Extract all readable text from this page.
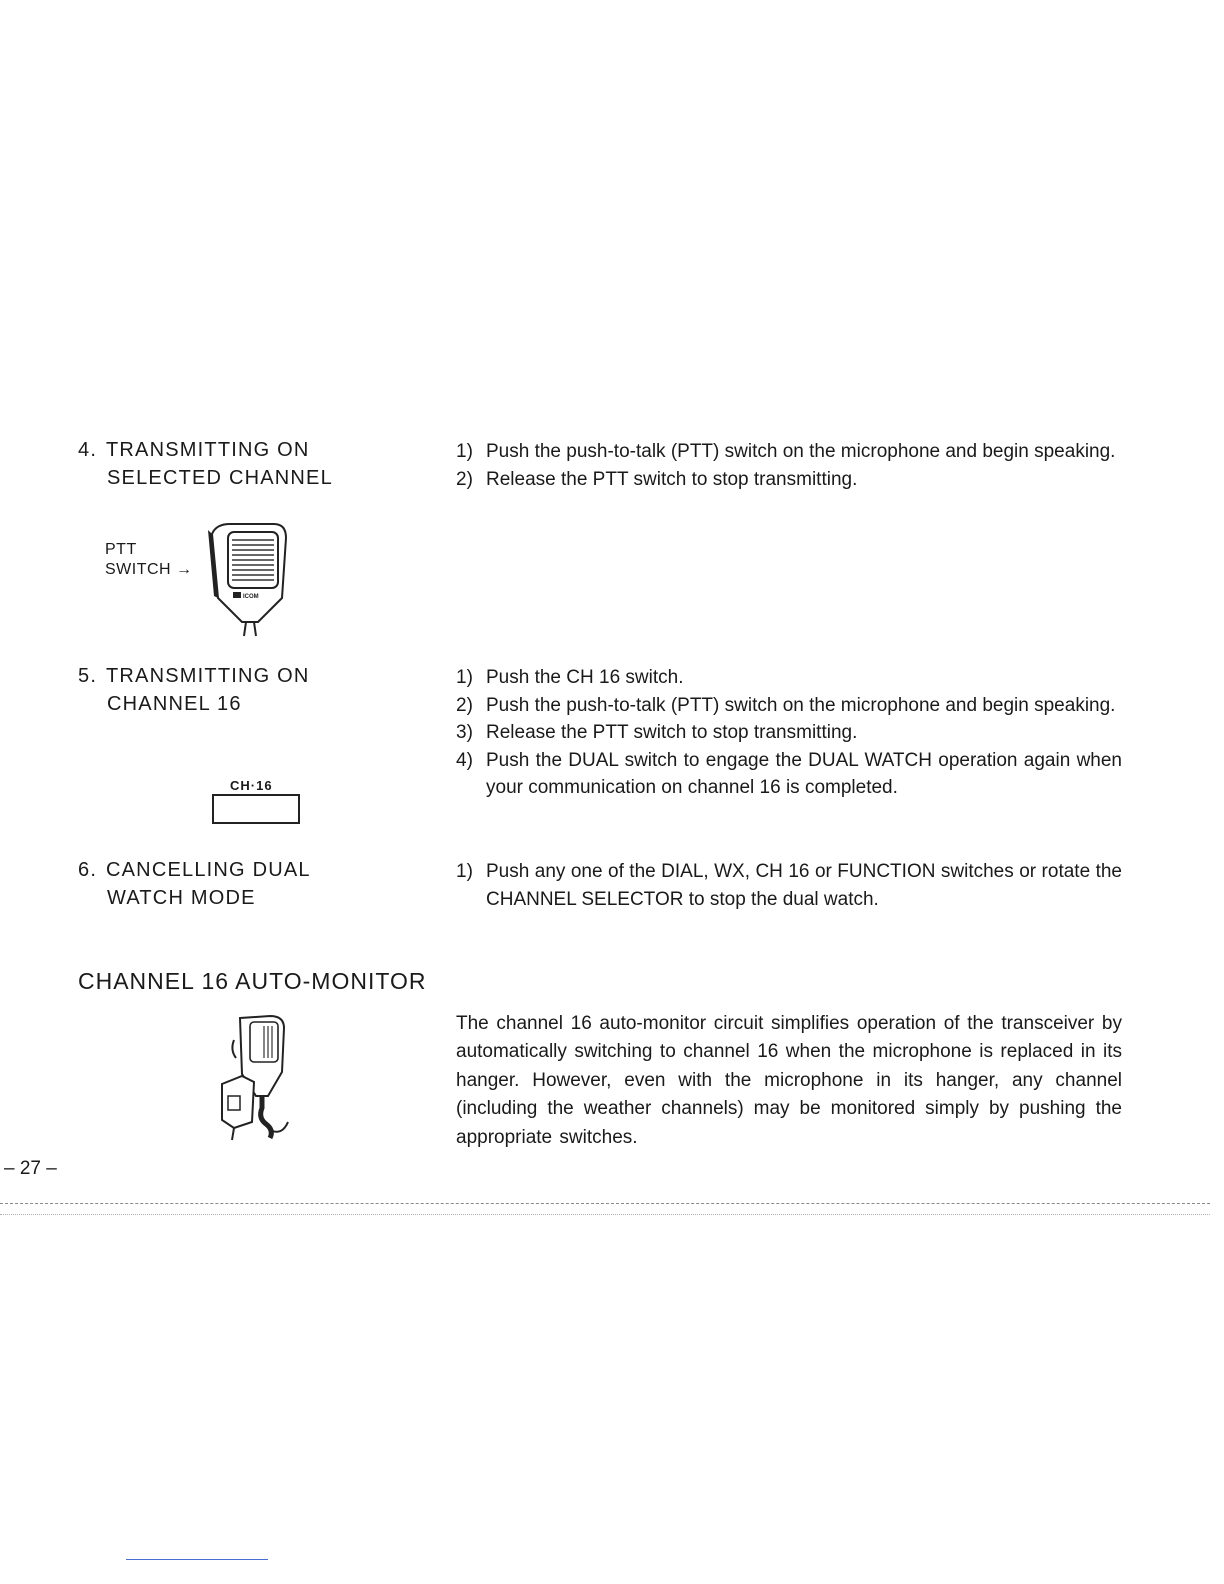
4. TRANSMITTING ON
SELECTED CHANNEL
PTT
SWITCH →
ICOM
1) Push the push-to-talk (PTT) switch on the microphone and begin speaking.
2) Release the PTT switch to stop transmitting.
5. TRANSMITTING ON
CHANNEL 16
CH·16
1) Push the CH 16 switch.
2) Push the push-to-talk (PTT) switch on the microphone and begin speaking.
3) Release the PTT switch to stop transmitting.
4) Push the DUAL switch to engage the DUAL WATCH operation again when your communication on channel 16 is completed.
6. CANCELLING DUAL
WATCH MODE
1) Push any one of the DIAL, WX, CH 16 or FUNCTION switches or rotate the CHANNEL SELECTOR to stop the dual watch.
CHANNEL 16 AUTO-MONITOR

The channel 16 auto-monitor circuit simplifies operation of the transceiver by automatically switching to channel 16 when the microphone is replaced in its hanger. However, even with the microphone in its hanger, any channel (including the weather channels) may be monitored simply by pushing the appropriate switches.

– 27 –
